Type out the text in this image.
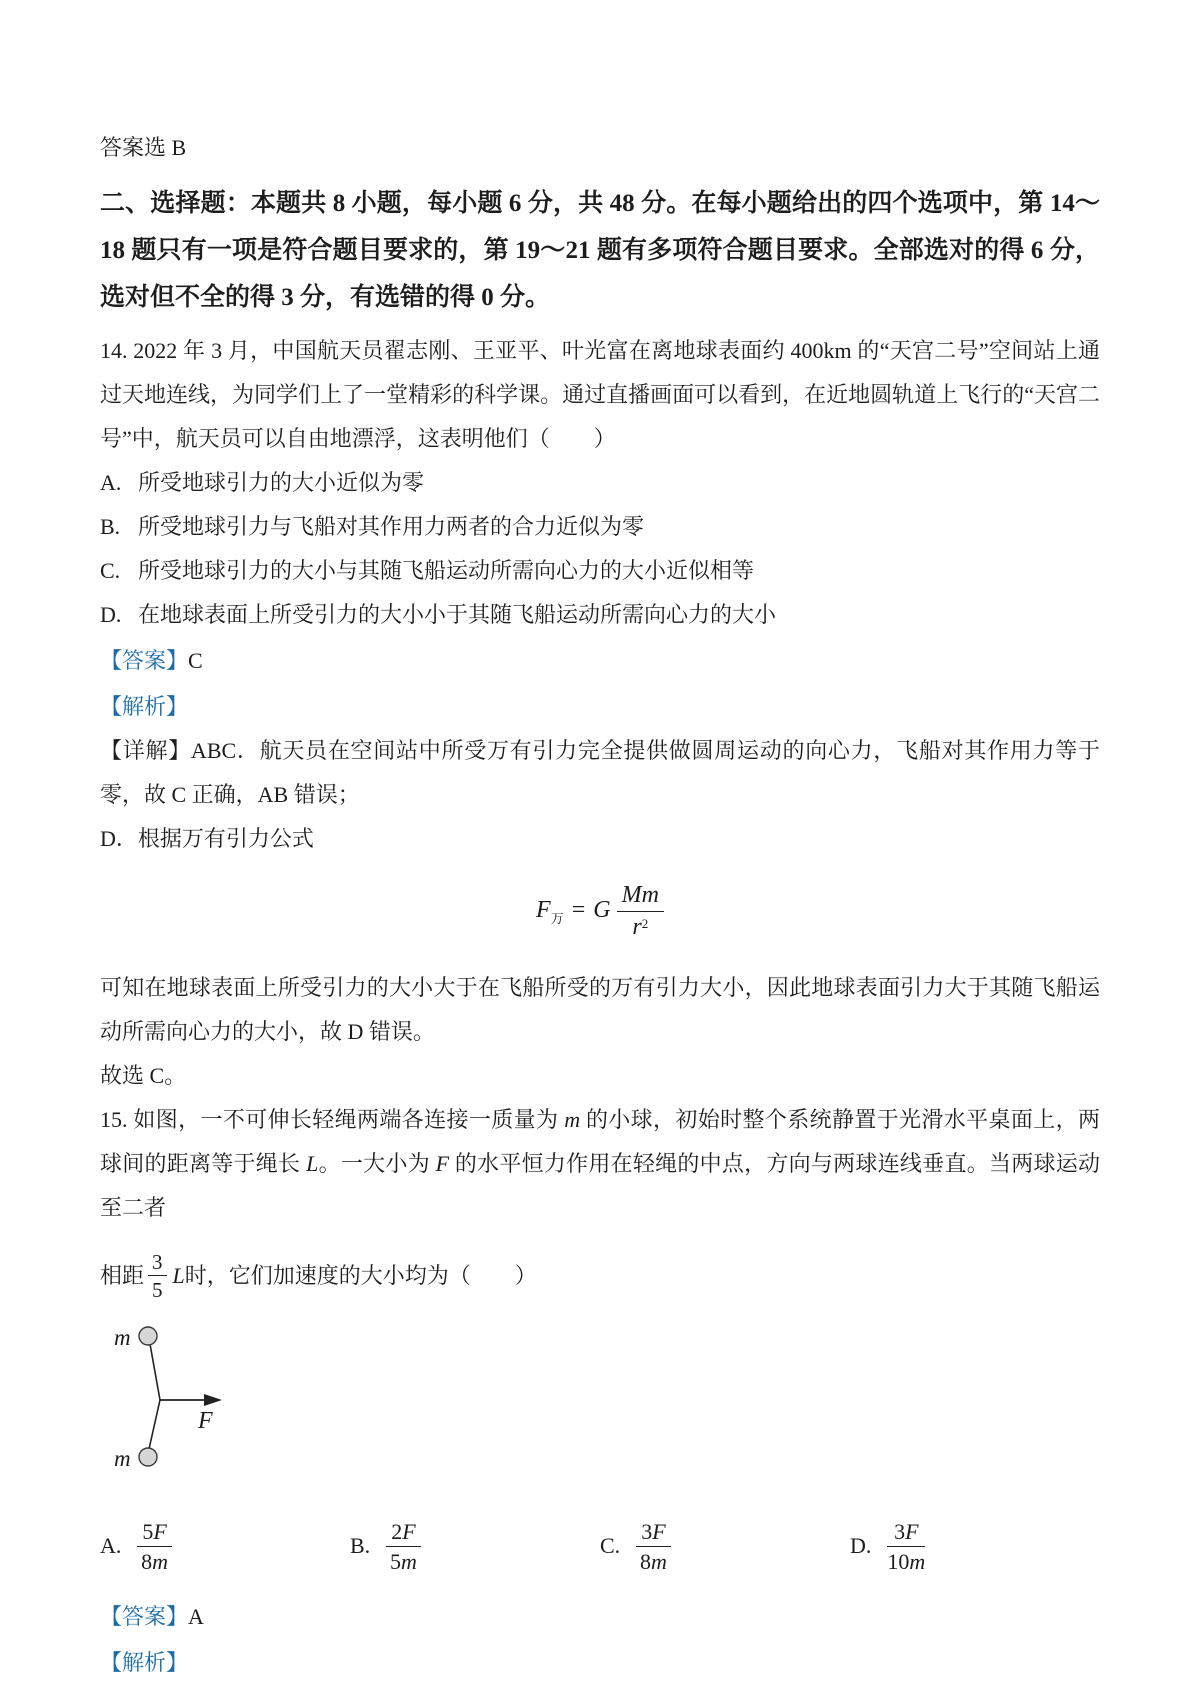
答案选 B

二、选择题：本题共 8 小题，每小题 6 分，共 48 分。在每小题给出的四个选项中，第 14～18 题只有一项是符合题目要求的，第 19～21 题有多项符合题目要求。全部选对的得 6 分，选对但不全的得 3 分，有选错的得 0 分。

14. 2022 年 3 月，中国航天员翟志刚、王亚平、叶光富在离地球表面约 400km 的“天宫二号”空间站上通过天地连线，为同学们上了一堂精彩的科学课。通过直播画面可以看到，在近地圆轨道上飞行的“天宫二号”中，航天员可以自由地漂浮，这表明他们（　　）

A. 所受地球引力的大小近似为零

B. 所受地球引力与飞船对其作用力两者的合力近似为零

C. 所受地球引力的大小与其随飞船运动所需向心力的大小近似相等

D. 在地球表面上所受引力的大小小于其随飞船运动所需向心力的大小

【答案】C

【解析】

【详解】ABC．航天员在空间站中所受万有引力完全提供做圆周运动的向心力，飞船对其作用力等于零，故 C 正确，AB 错误；

D．根据万有引力公式

$F_万 = G \frac{Mm}{r^2}$

可知在地球表面上所受引力的大小大于在飞船所受的万有引力大小，因此地球表面引力大于其随飞船运动所需向心力的大小，故 D 错误。

故选 C。

15. 如图，一不可伸长轻绳两端各连接一质量为 m 的小球，初始时整个系统静置于光滑水平桌面上，两球间的距离等于绳长 L。一大小为 F 的水平恒力作用在轻绳的中点，方向与两球连线垂直。当两球运动至二者

相距 $\frac{3}{5}$ L 时，它们加速度的大小均为（　　）
m
m
F
A. $\frac{5F}{8m}$	B. $\frac{2F}{5m}$	C. $\frac{3F}{8m}$	D. $\frac{3F}{10m}$

【答案】A

【解析】
